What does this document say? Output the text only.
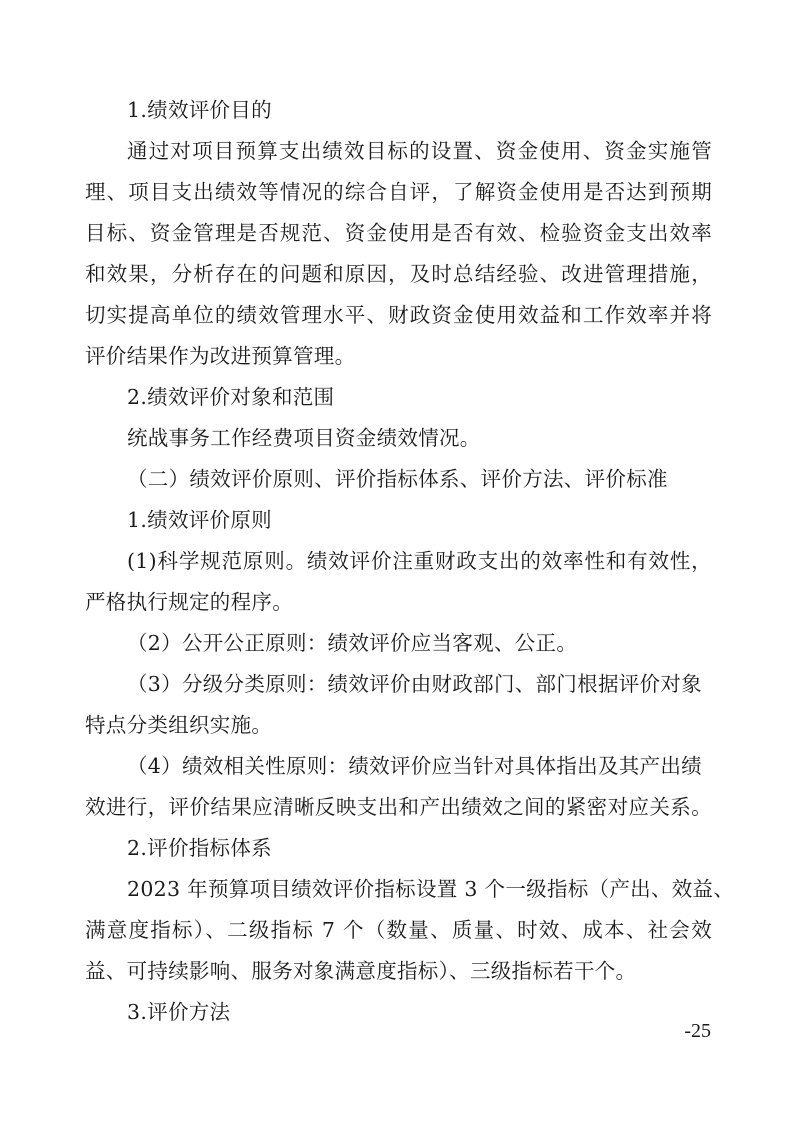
1.绩效评价目的
通过对项目预算支出绩效目标的设置、资金使用、资金实施管
理、项目支出绩效等情况的综合自评，了解资金使用是否达到预期
目标、资金管理是否规范、资金使用是否有效、检验资金支出效率
和效果，分析存在的问题和原因，及时总结经验、改进管理措施，
切实提高单位的绩效管理水平、财政资金使用效益和工作效率并将
评价结果作为改进预算管理。
2.绩效评价对象和范围
统战事务工作经费项目资金绩效情况。
（二）绩效评价原则、评价指标体系、评价方法、评价标准
1.绩效评价原则
(1)科学规范原则。绩效评价注重财政支出的效率性和有效性，
严格执行规定的程序。
（2）公开公正原则：绩效评价应当客观、公正。
（3）分级分类原则：绩效评价由财政部门、部门根据评价对象
特点分类组织实施。
（4）绩效相关性原则：绩效评价应当针对具体指出及其产出绩
效进行，评价结果应清晰反映支出和产出绩效之间的紧密对应关系。
2.评价指标体系
2023 年预算项目绩效评价指标设置 3 个一级指标（产出、效益、
满意度指标）、二级指标 7 个（数量、质量、时效、成本、社会效
益、可持续影响、服务对象满意度指标）、三级指标若干个。
3.评价方法
-25
